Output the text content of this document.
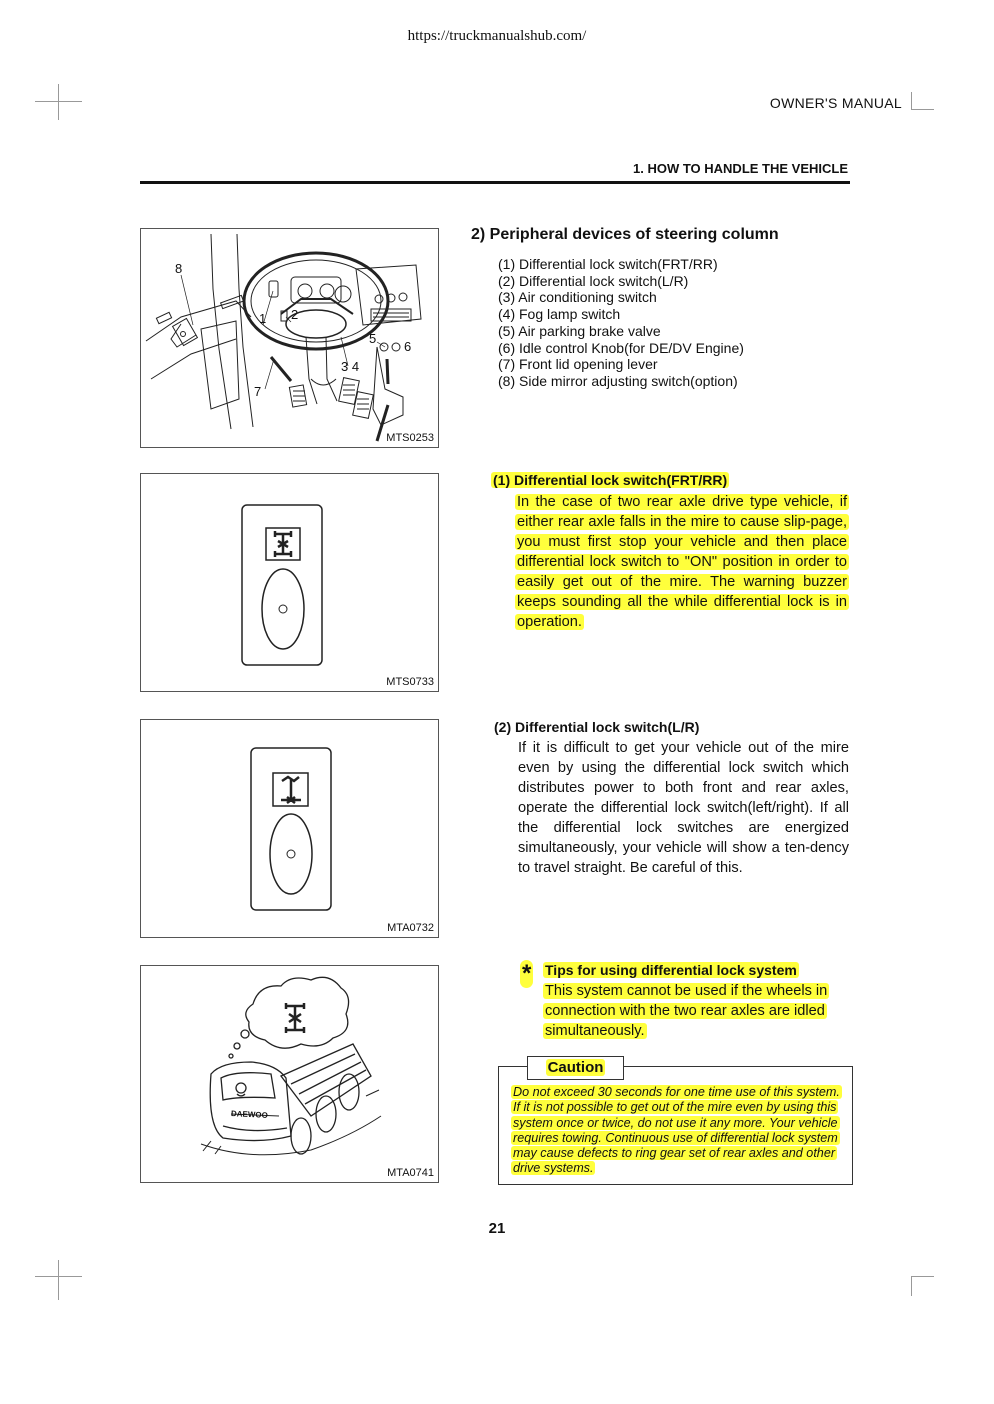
https://truckmanualshub.com/
OWNER'S MANUAL
1. HOW TO HANDLE THE VEHICLE
8
1 2
5
6
3 4
7
MTS0253
MTS0733
MTA0732
DAEWOO
MTA0741
2) Peripheral devices of steering column
(1) Differential lock switch(FRT/RR)
(2) Differential lock switch(L/R)
(3) Air conditioning switch
(4) Fog lamp switch
(5) Air parking brake valve
(6) Idle control Knob(for DE/DV Engine)
(7) Front lid opening lever
(8) Side mirror adjusting switch(option)
(1) Differential lock switch(FRT/RR)

In the case of two rear axle drive type vehicle, if either rear axle falls in the mire to cause slip-page, you must first stop your vehicle and then place differential lock switch to "ON" position in order to easily get out of the mire. The warning buzzer keeps sounding all the while differential lock is in operation.

(2) Differential lock switch(L/R)

If it is difficult to get your vehicle out of the mire even by using the differential lock switch which distributes power to both front and rear axles, operate the differential lock switch(left/right). If all the differential lock switches are energized simultaneously, your vehicle will show a ten-dency to travel straight. Be careful of this.

* Tips for using differential lock system

This system cannot be used if the wheels in connection with the two rear axles are idled simultaneously.

Caution

Do not exceed 30 seconds for one time use of this system. If it is not possible to get out of the mire even by using this system once or twice, do not use it any more. Your vehicle requires towing. Continuous use of differential lock system may cause defects to ring gear set of rear axles and other drive systems.

21
